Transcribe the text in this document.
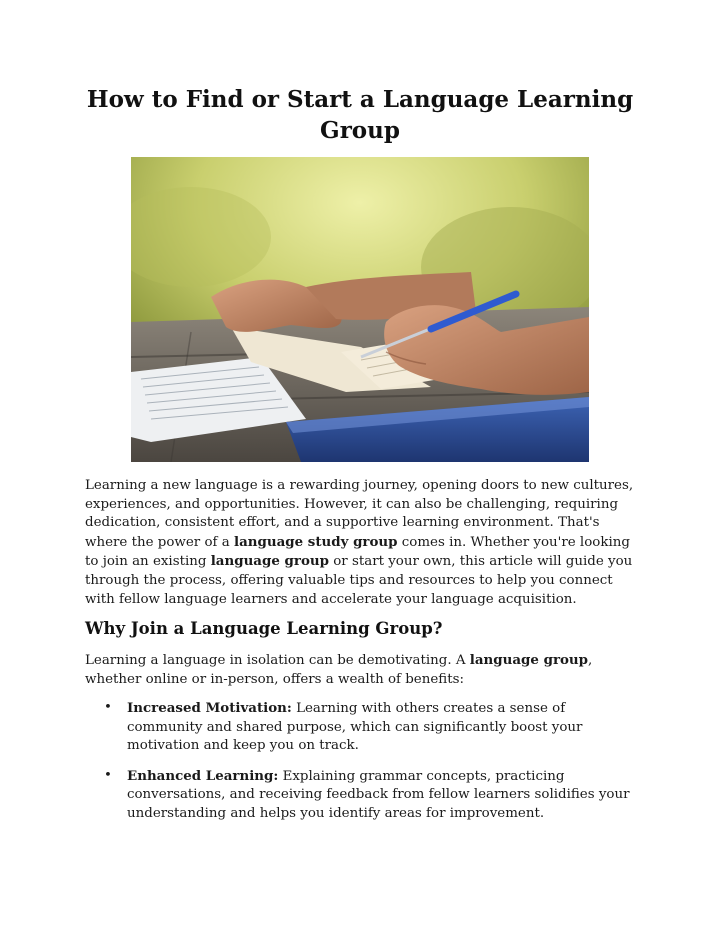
How to Find or Start a Language Learning Group

Learning a new language is a rewarding journey, opening doors to new cultures, experiences, and opportunities. However, it can also be challenging, requiring dedication, consistent effort, and a supportive learning environment. That's where the power of a language study group comes in. Whether you're looking to join an existing language group or start your own, this article will guide you through the process, offering valuable tips and resources to help you connect with fellow language learners and accelerate your language acquisition.

Why Join a Language Learning Group?

Learning a language in isolation can be demotivating. A language group, whether online or in-person, offers a wealth of benefits:

• Increased Motivation: Learning with others creates a sense of community and shared purpose, which can significantly boost your motivation and keep you on track.
• Enhanced Learning: Explaining grammar concepts, practicing conversations, and receiving feedback from fellow learners solidifies your understanding and helps you identify areas for improvement.
